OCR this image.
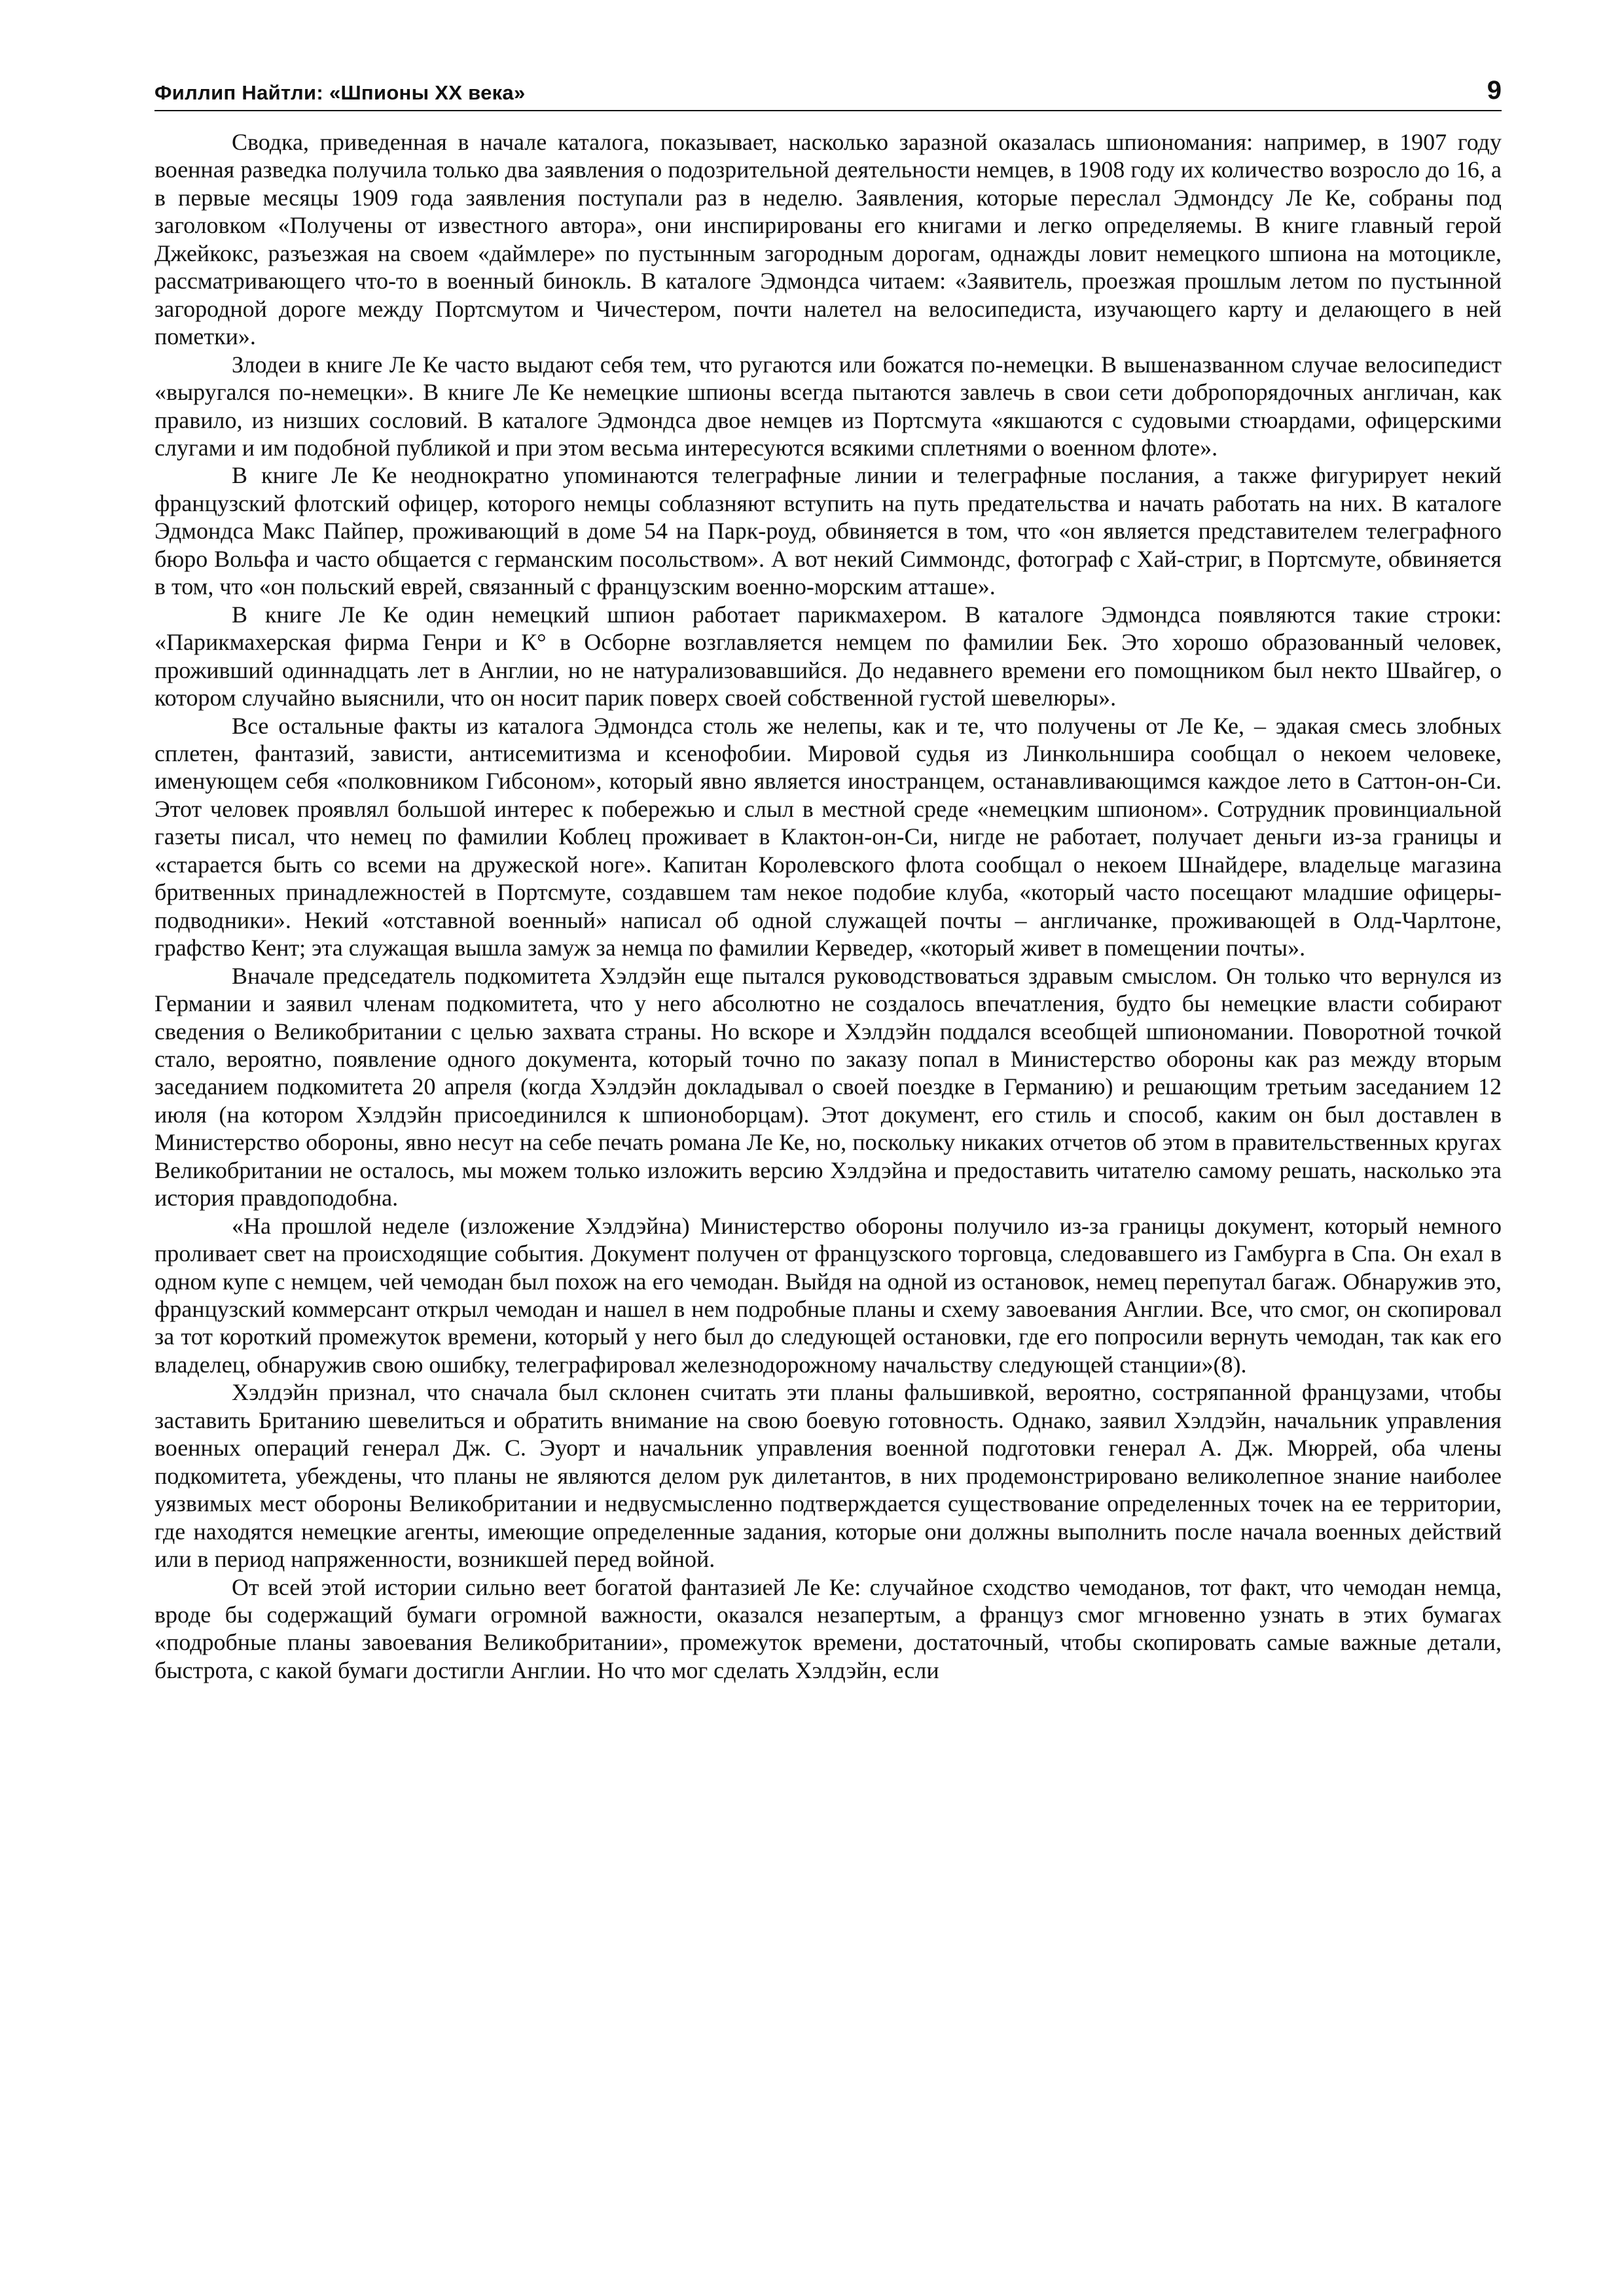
Филлип Найтли: «Шпионы XX века»	9

Сводка, приведенная в начале каталога, показывает, насколько заразной оказалась шпиономания: например, в 1907 году военная разведка получила только два заявления о подозрительной деятельности немцев, в 1908 году их количество возросло до 16, а в первые месяцы 1909 года заявления поступали раз в неделю. Заявления, которые переслал Эдмондсу Ле Ке, собраны под заголовком «Получены от известного автора», они инспирированы его книгами и легко определяемы. В книге главный герой Джейкокс, разъезжая на своем «даймлере» по пустынным загородным дорогам, однажды ловит немецкого шпиона на мотоцикле, рассматривающего что-то в военный бинокль. В каталоге Эдмондса читаем: «Заявитель, проезжая прошлым летом по пустынной загородной дороге между Портсмутом и Чичестером, почти налетел на велосипедиста, изучающего карту и делающего в ней пометки».

Злодеи в книге Ле Ке часто выдают себя тем, что ругаются или божатся по-немецки. В вышеназванном случае велосипедист «выругался по-немецки». В книге Ле Ке немецкие шпионы всегда пытаются завлечь в свои сети добропорядочных англичан, как правило, из низших сословий. В каталоге Эдмондса двое немцев из Портсмута «якшаются с судовыми стюардами, офицерскими слугами и им подобной публикой и при этом весьма интересуются всякими сплетнями о военном флоте».

В книге Ле Ке неоднократно упоминаются телеграфные линии и телеграфные послания, а также фигурирует некий французский флотский офицер, которого немцы соблазняют вступить на путь предательства и начать работать на них. В каталоге Эдмондса Макс Пайпер, проживающий в доме 54 на Парк-роуд, обвиняется в том, что «он является представителем телеграфного бюро Вольфа и часто общается с германским посольством». А вот некий Симмондс, фотограф с Хай-стриг, в Портсмуте, обвиняется в том, что «он польский еврей, связанный с французским военно-морским атташе».

В книге Ле Ке один немецкий шпион работает парикмахером. В каталоге Эдмондса появляются такие строки: «Парикмахерская фирма Генри и К° в Осборне возглавляется немцем по фамилии Бек. Это хорошо образованный человек, проживший одиннадцать лет в Англии, но не натурализовавшийся. До недавнего времени его помощником был некто Швайгер, о котором случайно выяснили, что он носит парик поверх своей собственной густой шевелюры».

Все остальные факты из каталога Эдмондса столь же нелепы, как и те, что получены от Ле Ке, – эдакая смесь злобных сплетен, фантазий, зависти, антисемитизма и ксенофобии. Мировой судья из Линкольншира сообщал о некоем человеке, именующем себя «полковником Гибсоном», который явно является иностранцем, останавливающимся каждое лето в Саттон-он-Си. Этот человек проявлял большой интерес к побережью и слыл в местной среде «немецким шпионом». Сотрудник провинциальной газеты писал, что немец по фамилии Коблец проживает в Клактон-он-Си, нигде не работает, получает деньги из-за границы и «старается быть со всеми на дружеской ноге». Капитан Королевского флота сообщал о некоем Шнайдере, владельце магазина бритвенных принадлежностей в Портсмуте, создавшем там некое подобие клуба, «который часто посещают младшие офицеры-подводники». Некий «отставной военный» написал об одной служащей почты – англичанке, проживающей в Олд-Чарлтоне, графство Кент; эта служащая вышла замуж за немца по фамилии Керведер, «который живет в помещении почты».

Вначале председатель подкомитета Хэлдэйн еще пытался руководствоваться здравым смыслом. Он только что вернулся из Германии и заявил членам подкомитета, что у него абсолютно не создалось впечатления, будто бы немецкие власти собирают сведения о Великобритании с целью захвата страны. Но вскоре и Хэлдэйн поддался всеобщей шпиономании. Поворотной точкой стало, вероятно, появление одного документа, который точно по заказу попал в Министерство обороны как раз между вторым заседанием подкомитета 20 апреля (когда Хэлдэйн докладывал о своей поездке в Германию) и решающим третьим заседанием 12 июля (на котором Хэлдэйн присоединился к шпионоборцам). Этот документ, его стиль и способ, каким он был доставлен в Министерство обороны, явно несут на себе печать романа Ле Ке, но, поскольку никаких отчетов об этом в правительственных кругах Великобритании не осталось, мы можем только изложить версию Хэлдэйна и предоставить читателю самому решать, насколько эта история правдоподобна.

«На прошлой неделе (изложение Хэлдэйна) Министерство обороны получило из-за границы документ, который немного проливает свет на происходящие события. Документ получен от французского торговца, следовавшего из Гамбурга в Спа. Он ехал в одном купе с немцем, чей чемодан был похож на его чемодан. Выйдя на одной из остановок, немец перепутал багаж. Обнаружив это, французский коммерсант открыл чемодан и нашел в нем подробные планы и схему завоевания Англии. Все, что смог, он скопировал за тот короткий промежуток времени, который у него был до следующей остановки, где его попросили вернуть чемодан, так как его владелец, обнаружив свою ошибку, телеграфировал железнодорожному начальству следующей станции»(8).

Хэлдэйн признал, что сначала был склонен считать эти планы фальшивкой, вероятно, состряпанной французами, чтобы заставить Британию шевелиться и обратить внимание на свою боевую готовность. Однако, заявил Хэлдэйн, начальник управления военных операций генерал Дж. С. Эуорт и начальник управления военной подготовки генерал А. Дж. Мюррей, оба члены подкомитета, убеждены, что планы не являются делом рук дилетантов, в них продемонстрировано великолепное знание наиболее уязвимых мест обороны Великобритании и недвусмысленно подтверждается существование определенных точек на ее территории, где находятся немецкие агенты, имеющие определенные задания, которые они должны выполнить после начала военных действий или в период напряженности, возникшей перед войной.

От всей этой истории сильно веет богатой фантазией Ле Ке: случайное сходство чемоданов, тот факт, что чемодан немца, вроде бы содержащий бумаги огромной важности, оказался незапертым, а француз смог мгновенно узнать в этих бумагах «подробные планы завоевания Великобритании», промежуток времени, достаточный, чтобы скопировать самые важные детали, быстрота, с какой бумаги достигли Англии. Но что мог сделать Хэлдэйн, если
